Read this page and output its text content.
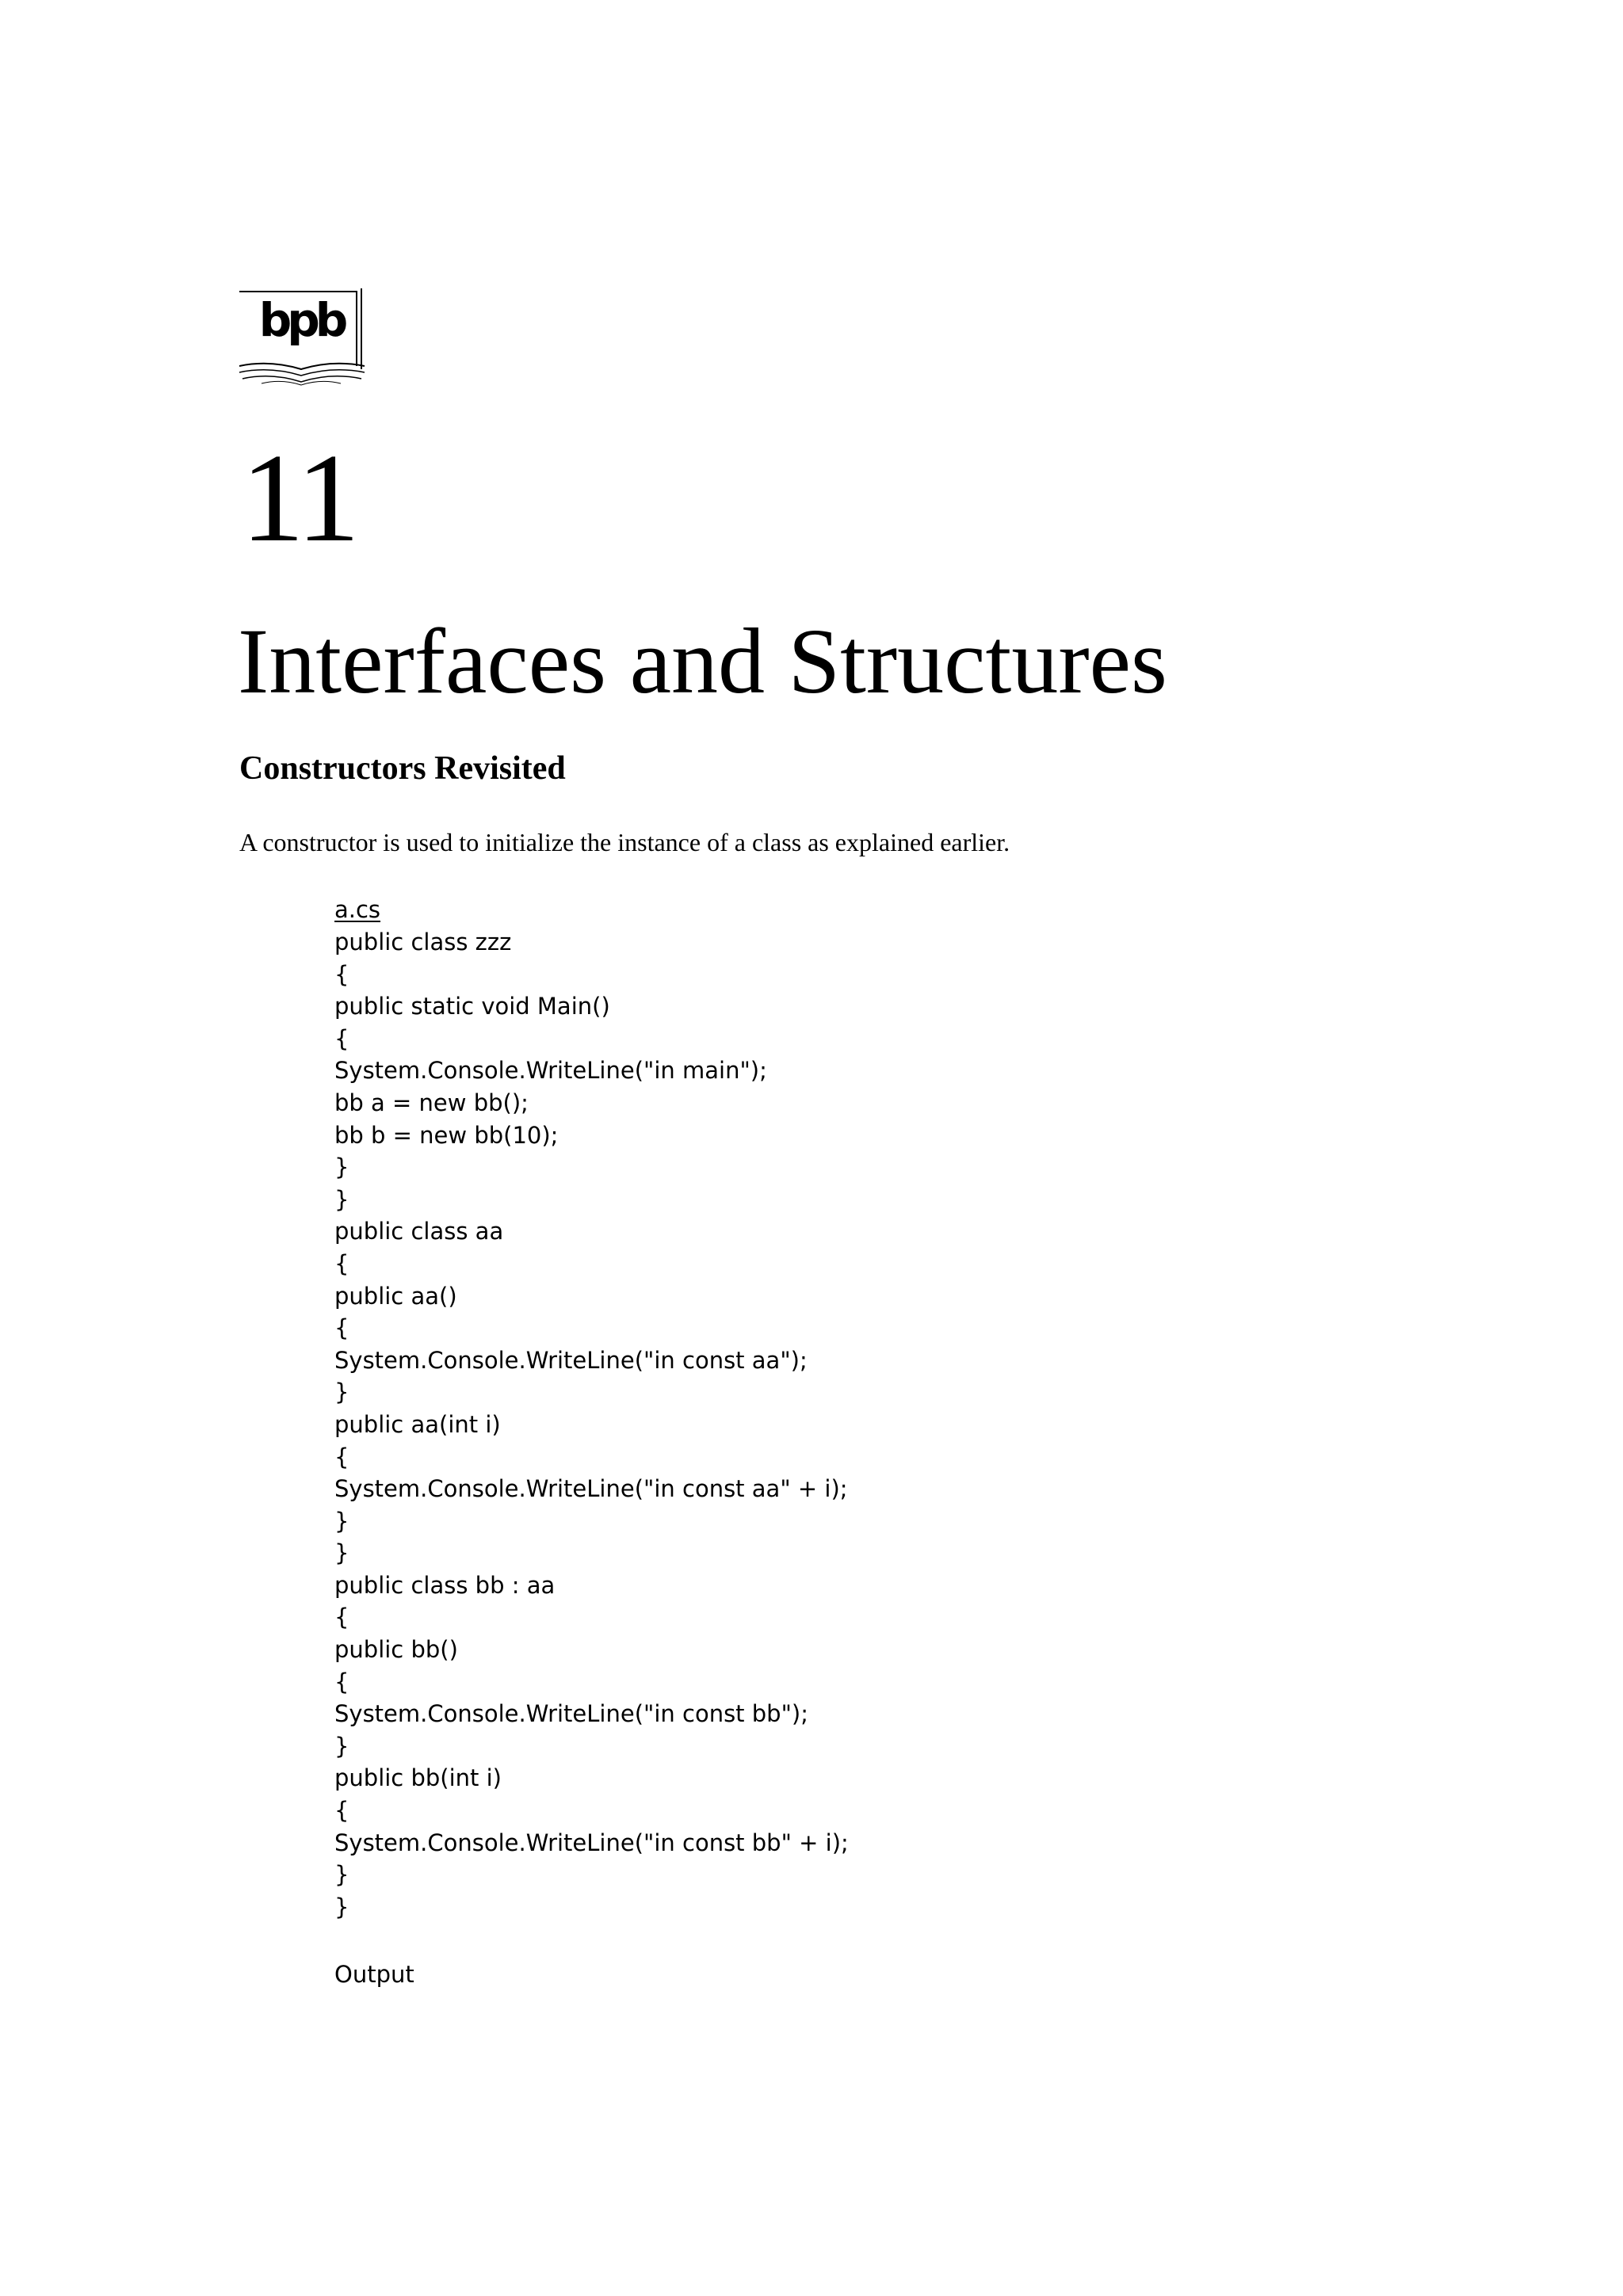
bpb
11
Interfaces and Structures
Constructors Revisited

A constructor is used to initialize the instance of a class as explained earlier.

a.cs

public class zzz
{
public static void Main()
{
System.Console.WriteLine("in main");
bb a = new bb();
bb b = new bb(10);
}
}
public class aa
{
public aa()
{
System.Console.WriteLine("in const aa");
}
public aa(int i)
{
System.Console.WriteLine("in const aa" + i);
}
}
public class bb : aa
{
public bb()
{
System.Console.WriteLine("in const bb");
}
public bb(int i)
{
System.Console.WriteLine("in const bb" + i);
}
}

Output
